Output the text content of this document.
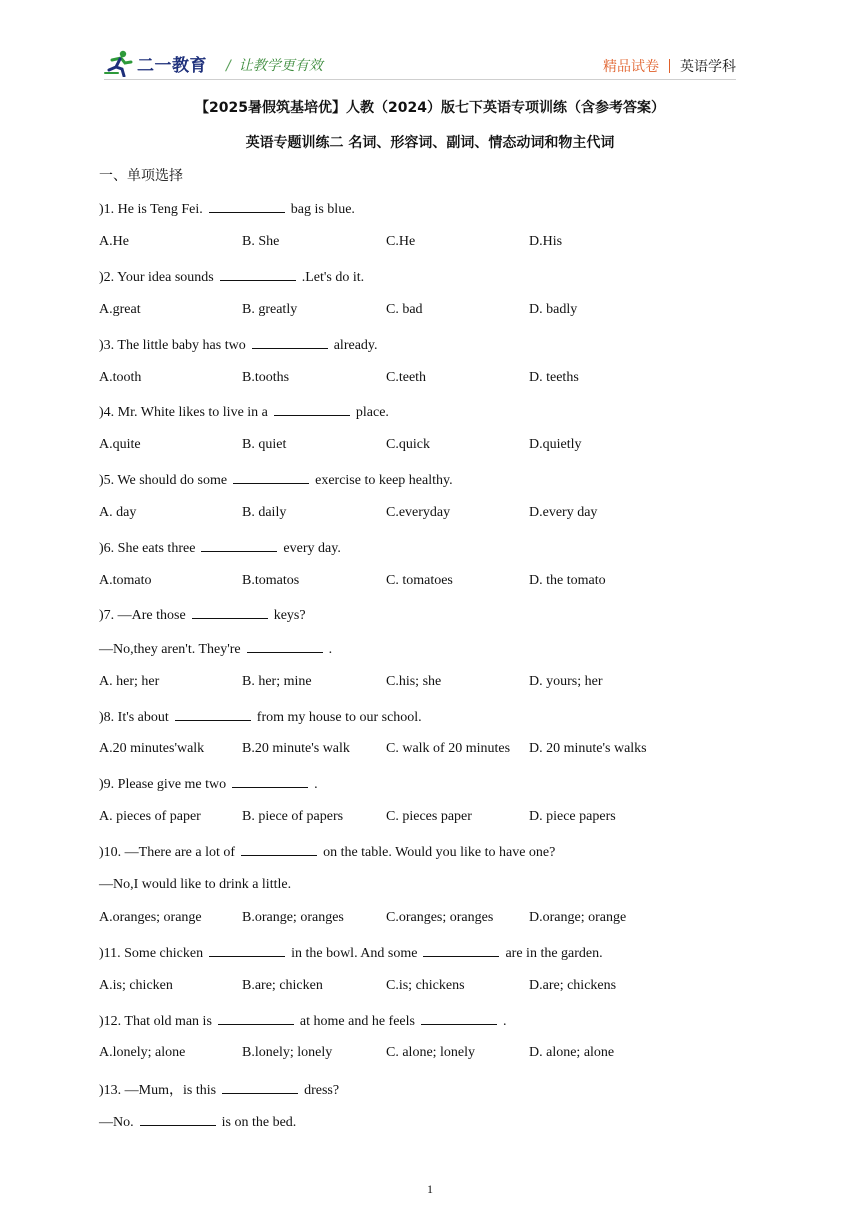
二一教育 / 让教学更有效	精品试卷 英语学科
【2025暑假筑基培优】人教（2024）版七下英语专项训练（含参考答案）
英语专题训练二 名词、形容词、副词、情态动词和物主代词
一、单项选择
)1. He is Teng Fei.	bag is blue.
A.He	B. She	C.He	D.His
)2. Your idea sounds	.Let's do it.
A.great	B. greatly	C. bad	D. badly
)3. The little baby has two	already.
A.tooth	B.tooths	C.teeth	D. teeths
)4. Mr. White likes to live in a	place.
A.quite	B. quiet	C.quick	D.quietly
)5. We should do some	exercise to keep healthy.
A. day	B. daily	C.everyday	D.every day
)6. She eats three	every day.
A.tomato	B.tomatos	C. tomatoes	D. the tomato
)7. —Are those	keys?
—No,they aren't. They're	.
A. her; her	B. her; mine	C.his; she	D. yours; her
)8. It's about	from my house to our school.
A.20 minutes'walk	B.20 minute's walk	C. walk of 20 minutes D. 20 minute's walks
)9. Please give me two	.
A. pieces of paper	B. piece of papers	C. pieces paper	D. piece papers
)10. —There are a lot of	on the table. Would you like to have one?
—No,I would like to drink a little.
A.oranges; orange	B.orange; oranges	C.oranges; oranges	D.orange; orange
)11. Some chicken	in the bowl. And some	are in the garden.
A.is; chicken	B.are; chicken	C.is; chickens	D.are; chickens
)12. That old man is	at home and he feels	.
A.lonely; alone	B.lonely; lonely	C. alone; lonely	D. alone; alone
)13. —Mum，is this	dress?
—No.	is on the bed.
1
